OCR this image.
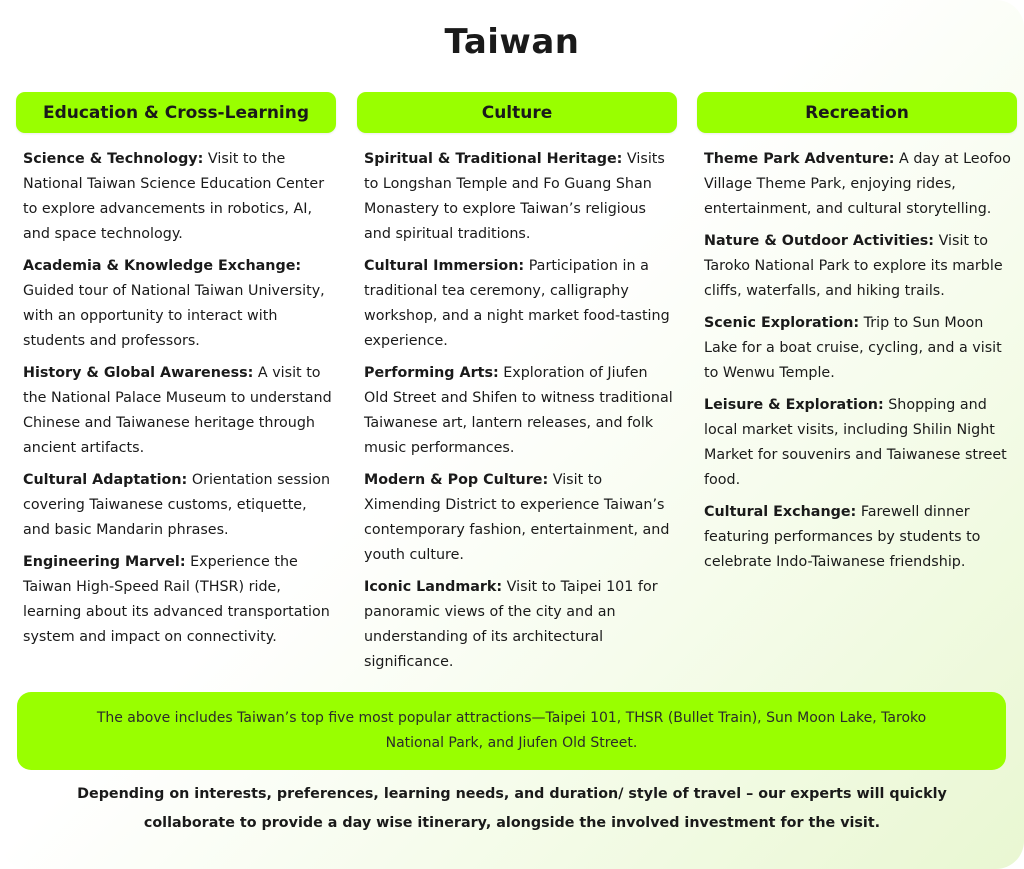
Taiwan
Education & Cross-Learning

Science & Technology: Visit to the National Taiwan Science Education Center to explore advancements in robotics, AI, and space technology.

Academia & Knowledge Exchange: Guided tour of National Taiwan University, with an opportunity to interact with students and professors.

History & Global Awareness: A visit to the National Palace Museum to understand Chinese and Taiwanese heritage through ancient artifacts.

Cultural Adaptation: Orientation session covering Taiwanese customs, etiquette, and basic Mandarin phrases.

Engineering Marvel: Experience the Taiwan High-Speed Rail (THSR) ride, learning about its advanced transportation system and impact on connectivity.

Culture

Spiritual & Traditional Heritage: Visits to Longshan Temple and Fo Guang Shan Monastery to explore Taiwan’s religious and spiritual traditions.

Cultural Immersion: Participation in a traditional tea ceremony, calligraphy workshop, and a night market food-tasting experience.

Performing Arts: Exploration of Jiufen Old Street and Shifen to witness traditional Taiwanese art, lantern releases, and folk music performances.

Modern & Pop Culture: Visit to Ximending District to experience Taiwan’s contemporary fashion, entertainment, and youth culture.

Iconic Landmark: Visit to Taipei 101 for panoramic views of the city and an understanding of its architectural significance.

Recreation

Theme Park Adventure: A day at Leofoo Village Theme Park, enjoying rides, entertainment, and cultural storytelling.

Nature & Outdoor Activities: Visit to Taroko National Park to explore its marble cliffs, waterfalls, and hiking trails.

Scenic Exploration: Trip to Sun Moon Lake for a boat cruise, cycling, and a visit to Wenwu Temple.

Leisure & Exploration: Shopping and local market visits, including Shilin Night Market for souvenirs and Taiwanese street food.

Cultural Exchange: Farewell dinner featuring performances by students to celebrate Indo-Taiwanese friendship.

The above includes Taiwan’s top five most popular attractions—Taipei 101, THSR (Bullet Train), Sun Moon Lake, Taroko National Park, and Jiufen Old Street.

Depending on interests, preferences, learning needs, and duration/ style of travel – our experts will quickly collaborate to provide a day wise itinerary, alongside the involved investment for the visit.
